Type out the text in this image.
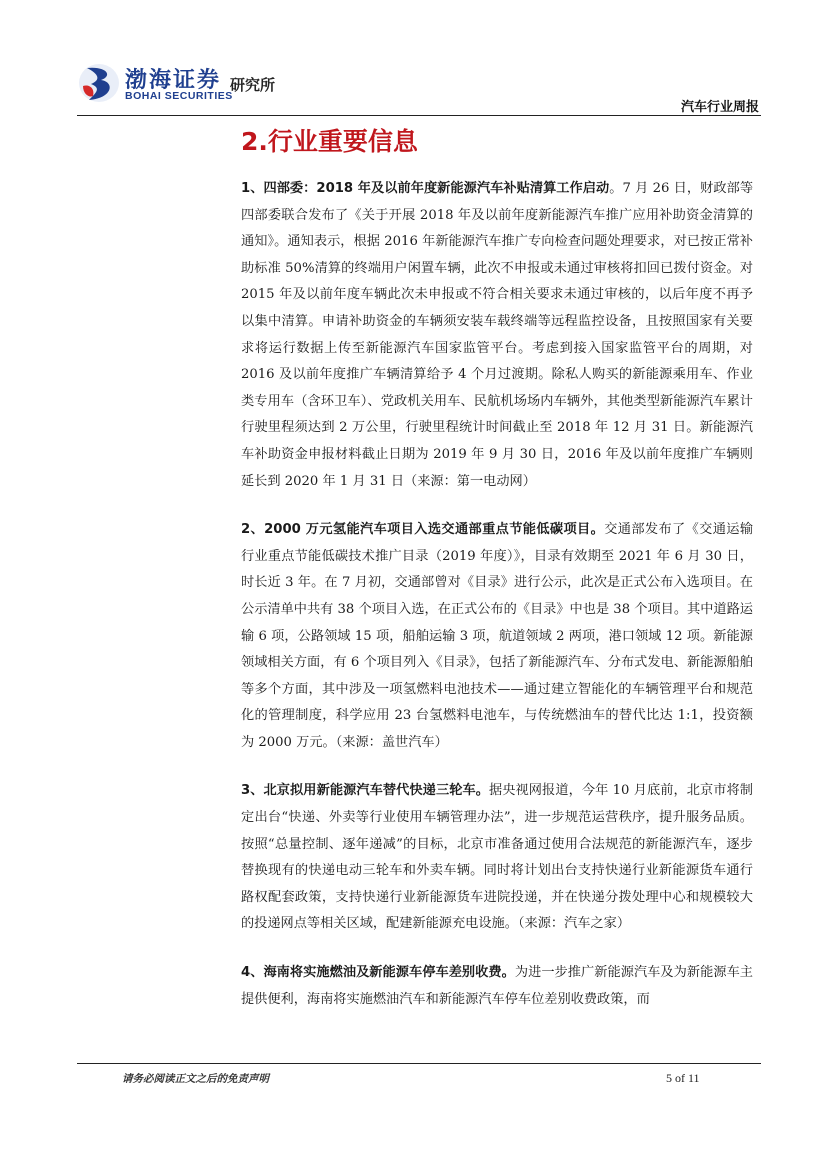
渤海证券
BOHAI SECURITIES
研究所
汽车行业周报
2.行业重要信息

1、四部委：2018 年及以前年度新能源汽车补贴清算工作启动。7 月 26 日，财政部等四部委联合发布了《关于开展 2018 年及以前年度新能源汽车推广应用补助资金清算的通知》。通知表示，根据 2016 年新能源汽车推广专向检查问题处理要求，对已按正常补助标准 50%清算的终端用户闲置车辆，此次不申报或未通过审核将扣回已拨付资金。对 2015 年及以前年度车辆此次未申报或不符合相关要求未通过审核的，以后年度不再予以集中清算。申请补助资金的车辆须安装车载终端等远程监控设备，且按照国家有关要求将运行数据上传至新能源汽车国家监管平台。考虑到接入国家监管平台的周期，对 2016 及以前年度推广车辆清算给予 4 个月过渡期。除私人购买的新能源乘用车、作业类专用车（含环卫车）、党政机关用车、民航机场场内车辆外，其他类型新能源汽车累计行驶里程须达到 2 万公里，行驶里程统计时间截止至 2018 年 12 月 31 日。新能源汽车补助资金申报材料截止日期为 2019 年 9 月 30 日，2016 年及以前年度推广车辆则延长到 2020 年 1 月 31 日（来源：第一电动网）

2、2000 万元氢能汽车项目入选交通部重点节能低碳项目。交通部发布了《交通运输行业重点节能低碳技术推广目录（2019 年度）》，目录有效期至 2021 年 6 月 30 日，时长近 3 年。在 7 月初，交通部曾对《目录》进行公示，此次是正式公布入选项目。在公示清单中共有 38 个项目入选，在正式公布的《目录》中也是 38 个项目。其中道路运输 6 项，公路领域 15 项，船舶运输 3 项，航道领域 2 两项，港口领域 12 项。新能源领域相关方面，有 6 个项目列入《目录》，包括了新能源汽车、分布式发电、新能源船舶等多个方面，其中涉及一项氢燃料电池技术——通过建立智能化的车辆管理平台和规范化的管理制度，科学应用 23 台氢燃料电池车，与传统燃油车的替代比达 1:1，投资额为 2000 万元。（来源：盖世汽车）

3、北京拟用新能源汽车替代快递三轮车。据央视网报道，今年 10 月底前，北京市将制定出台“快递、外卖等行业使用车辆管理办法”，进一步规范运营秩序，提升服务品质。按照“总量控制、逐年递减”的目标，北京市准备通过使用合法规范的新能源汽车，逐步替换现有的快递电动三轮车和外卖车辆。同时将计划出台支持快递行业新能源货车通行路权配套政策，支持快递行业新能源货车进院投递，并在快递分拨处理中心和规模较大的投递网点等相关区域，配建新能源充电设施。（来源：汽车之家）

4、海南将实施燃油及新能源车停车差别收费。为进一步推广新能源汽车及为新能源车主提供便利，海南将实施燃油汽车和新能源汽车停车位差别收费政策，而

请务必阅读正文之后的免责声明	5 of 11
